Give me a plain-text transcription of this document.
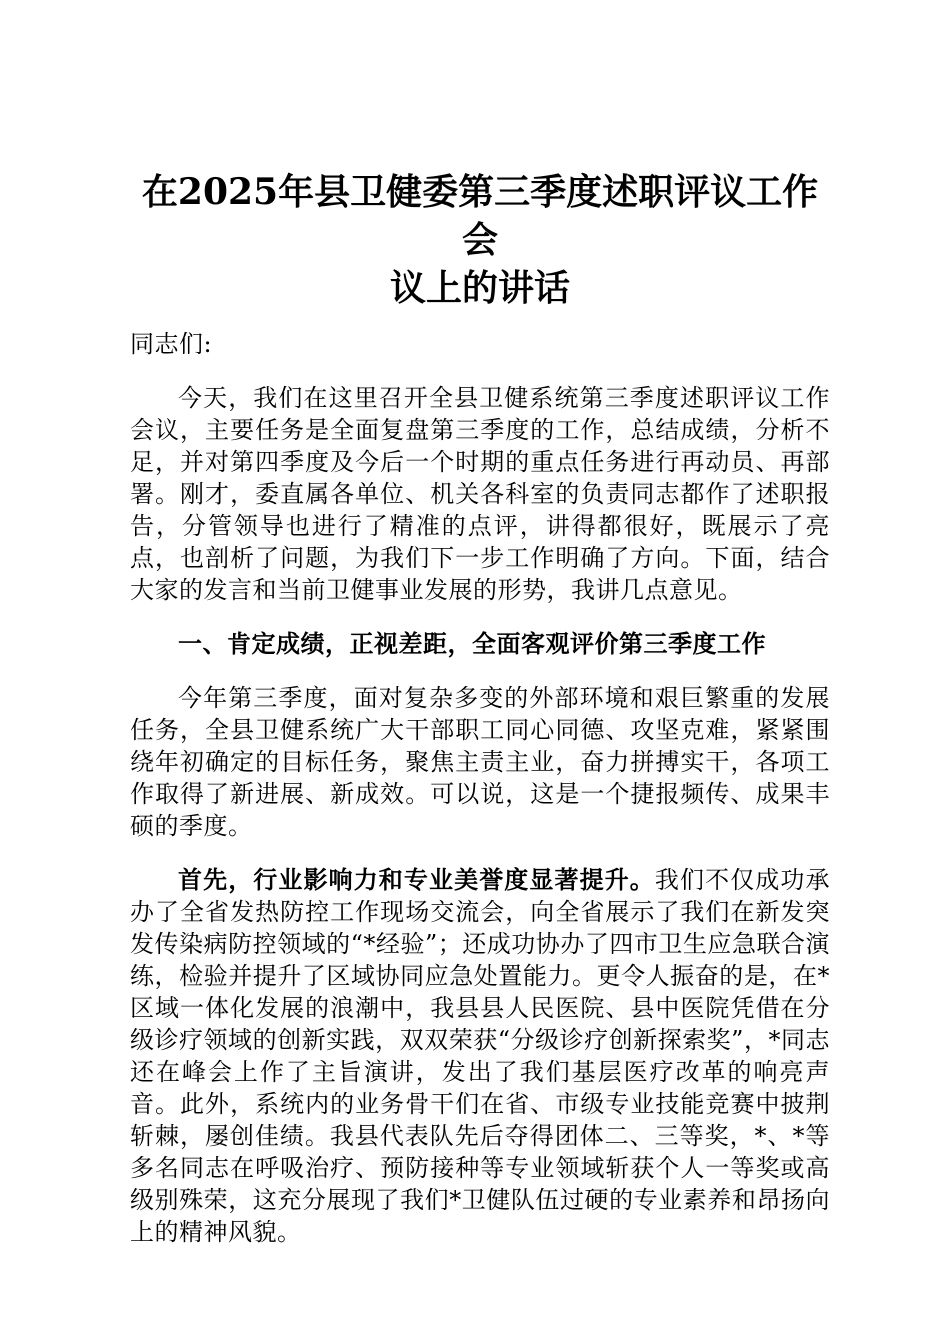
在2025年县卫健委第三季度述职评议工作会
议上的讲话

同志们:

今天，我们在这里召开全县卫健系统第三季度述职评议工作会议，主要任务是全面复盘第三季度的工作，总结成绩，分析不足，并对第四季度及今后一个时期的重点任务进行再动员、再部署。刚才，委直属各单位、机关各科室的负责同志都作了述职报告，分管领导也进行了精准的点评，讲得都很好，既展示了亮点，也剖析了问题，为我们下一步工作明确了方向。下面，结合大家的发言和当前卫健事业发展的形势，我讲几点意见。

一、肯定成绩，正视差距，全面客观评价第三季度工作

今年第三季度，面对复杂多变的外部环境和艰巨繁重的发展任务，全县卫健系统广大干部职工同心同德、攻坚克难，紧紧围绕年初确定的目标任务，聚焦主责主业，奋力拼搏实干，各项工作取得了新进展、新成效。可以说，这是一个捷报频传、成果丰硕的季度。

首先，行业影响力和专业美誉度显著提升。我们不仅成功承办了全省发热防控工作现场交流会，向全省展示了我们在新发突发传染病防控领域的“*经验”；还成功协办了四市卫生应急联合演练，检验并提升了区域协同应急处置能力。更令人振奋的是，在*区域一体化发展的浪潮中，我县县人民医院、县中医院凭借在分级诊疗领域的创新实践，双双荣获“分级诊疗创新探索奖”，*同志还在峰会上作了主旨演讲，发出了我们基层医疗改革的响亮声音。此外，系统内的业务骨干们在省、市级专业技能竞赛中披荆斩棘，屡创佳绩。我县代表队先后夺得团体二、三等奖，*、*等多名同志在呼吸治疗、预防接种等专业领域斩获个人一等奖或高级别殊荣，这充分展现了我们*卫健队伍过硬的专业素养和昂扬向上的精神风貌。
